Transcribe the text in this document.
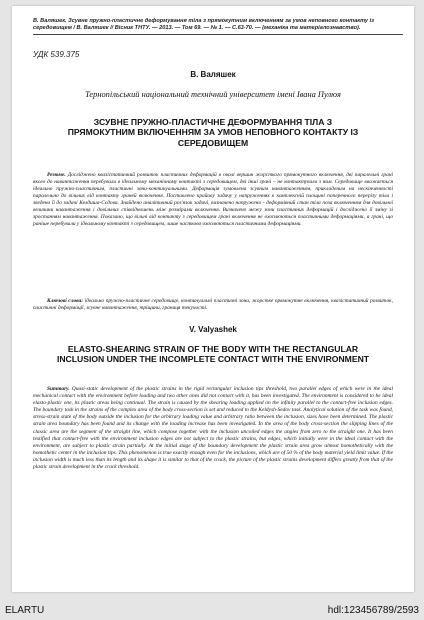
В. Валяшек. Зсувне пружно-пластичне деформування тіла з прямокутним включенням за умов неповного контакту із середовищем / В. Валяшек // Вісник ТНТУ. — 2013. — Том 69. — № 1. — С.63-70. — (механіка та матеріалознавство).
УДК 539.375
В. Валяшек
Тернопільський національний технічний університет імені Івана Пулюя
ЗСУВНЕ ПРУЖНО-ПЛАСТИЧНЕ ДЕФОРМУВАННЯ ТІЛА З ПРЯМОКУТНИМ ВКЛЮЧЕННЯМ ЗА УМОВ НЕПОВНОГО КОНТАКТУ ІЗ СЕРЕДОВИЩЕМ
Резюме. Досліджено квазістатичний розвиток пластичних деформацій в околі вершин жорсткого прямокутного включення, дві паралельні грані якого до навантаження перебували в ідеальному механічному контакті з середовищем, дві інші грані – не контактували з ним. Середовище вважається ідеально пружно-пластичним, пластичні зони-континуальними. Деформація зумовлена зсувним навантаженням, прикладеним на нескінченності паралельно до вільних від контакту граней включення. Поставлено крайову задачу у напруженнях в комплексній площині поперечного перерізу тіла і зведено її до задачі Келдиша-Сєдова. Знайдено аналітичний роз'язок задачі, визначено напружено - деформівний стан тіла поза включенням для довільної величини навантаження і довільних співвідношень між розмірами включення. Визначено межу зони пластичних деформацій і досліджено її зміну зі зростанням навантаження. Показано, що вільні від контакту з середовищем грані включення не охоплюються пластичними деформаціями, а грані, що раніше перебували у ідеальному контакті з середовищем, лише частково охоплюються пластичними деформаціями.
Ключові слова: ідеально пружно-пластичне середовище, континуальні пластичні зони, жорстке прямокутне включення, квазістатичний розвиток, пластичні деформації, зсувне навантаження, тріщини, границя текучості.
V. Valyashek
ELASTO-SHEARING STRAIN OF THE BODY WITH THE RECTANGULAR INCLUSION UNDER THE INCOMPLETE CONTACT WITH THE ENVIRONMENT
Summary. Quasi-static development of the plastic strains in the rigid rectangular inclusion tips threshold, two parallel edges of which were in the ideal mechanical contact with the environment before loading and two other ones did not contact with it, has been investigated. The environment is considered to be ideal elasto-plastic one, its plastic areas being continual. The strain is caused by the shearing loading applied on the infinity parallel to the contact-free inclusion edges. The boundary task in the strains of the complex area of the body cross-section is set and reduced to the Keldysh-Sedov task. Analytical solution of the task was found, stress-strain state of the body outside the inclusion for the arbitrary loading value and arbitrary ratio between the inclusion, sizes have been determined. The plastic strain area boundary has been found and its change with the loading increase has been investigated. In the area of the body cross-section the slipping lines of the classic area are the segment of the straight line, which compose together with the inclusion uncoiled edges the angles from zero to the straight one. It has been testified that contact-free with the environment inclusion edges are not subject to the plastic strains, but edges, which initially were in the ideal contact with the environment, are subject to plastic strain partially. At the initial stage of the boundary development the plastic strain area grow almost homothetically with the homothetic center in the inclusion tips. This phenomenon is true exactly enough even for the inclusions, which are of 50 % of the body material yield limit value. If the inclusion width is much less than its length and its shape it is similar to that of the crack, the picture of the plastic strains development differs greatly from that of the plastic strain development in the crack threshold.
ELARTU	hdl:123456789/2593
